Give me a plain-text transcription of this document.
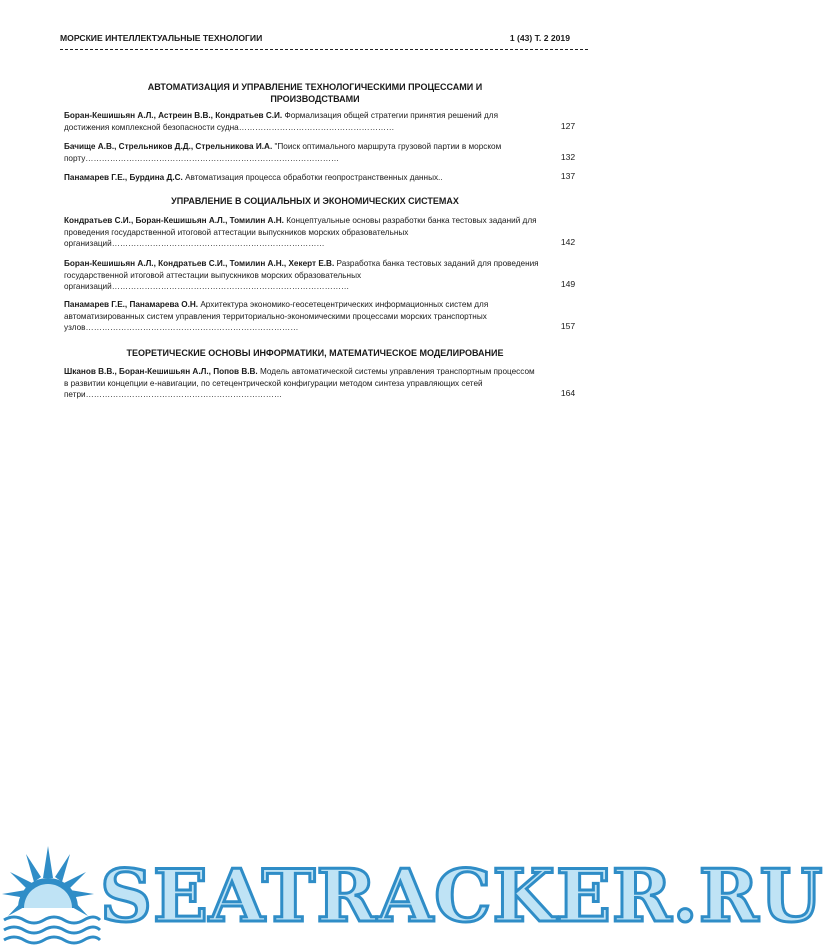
МОРСКИЕ ИНТЕЛЛЕКТУАЛЬНЫЕ ТЕХНОЛОГИИ	1 (43) Т. 2 2019
АВТОМАТИЗАЦИЯ И УПРАВЛЕНИЕ ТЕХНОЛОГИЧЕСКИМИ ПРОЦЕССАМИ И
ПРОИЗВОДСТВАМИ
Боран-Кешишьян А.Л., Астреин В.В., Кондратьев С.И. Формализация общей стратегии принятия решений для достижения комплексной безопасности судна…………………………………………………	127
Бачище А.В., Стрельников Д.Д., Стрельникова И.А. "Поиск оптимального маршрута грузовой партии в морском порту…………………………………………………………………………………	132
Панамарев Г.Е., Бурдина Д.С. Автоматизация процесса обработки геопространственных данных..	137
УПРАВЛЕНИЕ В СОЦИАЛЬНЫХ И ЭКОНОМИЧЕСКИХ СИСТЕМАХ
Кондратьев С.И., Боран-Кешишьян А.Л., Томилин А.Н. Концептуальные основы разработки банка тестовых заданий для проведения государственной итоговой аттестации выпускников морских образовательных организаций……………………………………………………………………	142
Боран-Кешишьян А.Л., Кондратьев С.И., Томилин А.Н., Хекерт Е.В. Разработка банка тестовых заданий для проведения государственной итоговой аттестации выпускников морских образовательных организаций……………………………………………………………………………	149
Панамарев Г.Е., Панамарева О.Н. Архитектура экономико-геосетецентрических информационных систем для автоматизированных систем управления территориально-экономическими процессами морских транспортных узлов……………………………………………………………………	157
ТЕОРЕТИЧЕСКИЕ ОСНОВЫ ИНФОРМАТИКИ, МАТЕМАТИЧЕСКОЕ МОДЕЛИРОВАНИЕ
Шканов В.В., Боран-Кешишьян А.Л., Попов В.В. Модель автоматической системы управления транспортным процессом в развитии концепции е-навигации, по сетецентрической конфигурации методом синтеза управляющих сетей петри………………………………………………………………	164
SEATRACKER.RU
